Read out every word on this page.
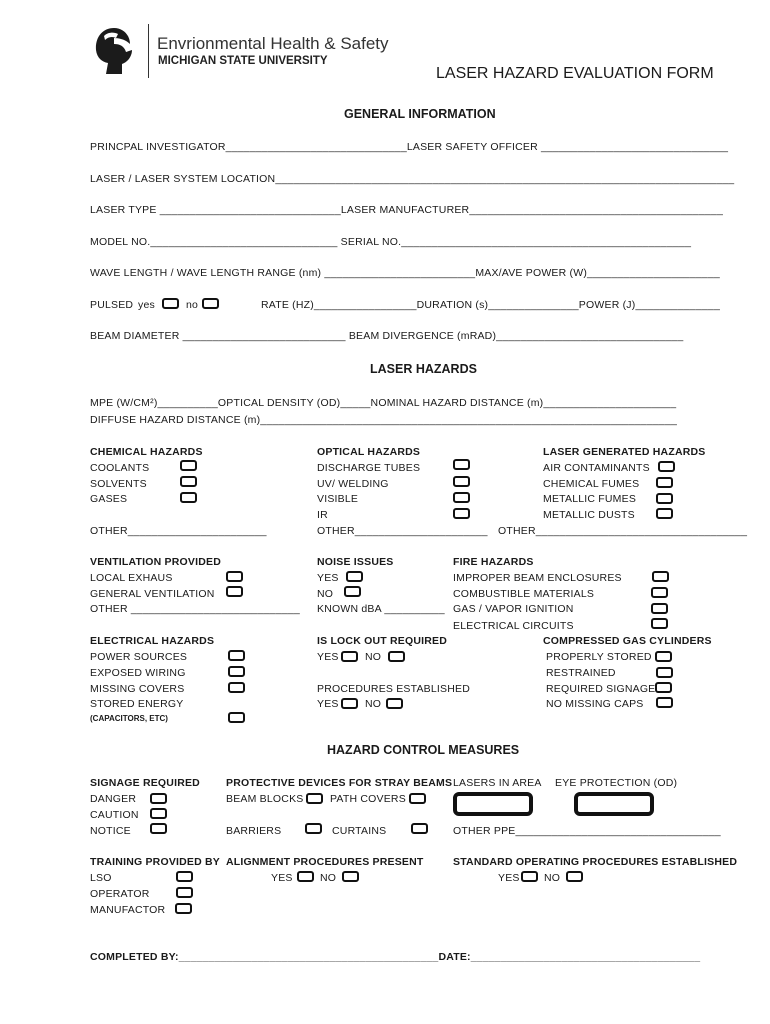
Envrionmental Health & Safety
MICHIGAN STATE UNIVERSITY
LASER HAZARD EVALUATION FORM
GENERAL INFORMATION
PRINCPAL INVESTIGATOR______________________________LASER SAFETY OFFICER _______________________________
LASER / LASER SYSTEM LOCATION____________________________________________________________________________
LASER TYPE ______________________________LASER MANUFACTURER__________________________________________
MODEL NO._______________________________ SERIAL NO.________________________________________________
WAVE LENGTH / WAVE LENGTH RANGE (nm) _________________________MAX/AVE POWER (W)______________________
PULSED yes	no	RATE (HZ)_________________DURATION (s)_______________POWER (J)______________
BEAM DIAMETER ___________________________ BEAM DIVERGENCE (mRAD)_______________________________
LASER HAZARDS
MPE (W/CM²)__________OPTICAL DENSITY (OD)_____NOMINAL HAZARD DISTANCE (m)______________________
DIFFUSE HAZARD DISTANCE (m)_____________________________________________________________________
CHEMICAL HAZARDS
COOLANTS
SOLVENTS
GASES
OTHER_______________________
OPTICAL HAZARDS
DISCHARGE TUBES
UV/ WELDING
VISIBLE
IR
OTHER______________________
LASER GENERATED HAZARDS
AIR CONTAMINANTS
CHEMICAL FUMES
METALLIC FUMES
METALLIC DUSTS
OTHER___________________________________
VENTILATION PROVIDED
LOCAL EXHAUS
GENERAL VENTILATION
OTHER ____________________________
NOISE ISSUES
YES
NO
KNOWN dBA __________
FIRE HAZARDS
IMPROPER BEAM ENCLOSURES
COMBUSTIBLE MATERIALS
GAS / VAPOR IGNITION
ELECTRICAL CIRCUITS
ELECTRICAL HAZARDS
POWER SOURCES
EXPOSED WIRING
MISSING COVERS
STORED ENERGY
(CAPACITORS, ETC)
IS LOCK OUT REQUIRED
YES	NO
PROCEDURES ESTABLISHED
YES	NO
COMPRESSED GAS CYLINDERS
PROPERLY STORED
RESTRAINED
REQUIRED SIGNAGE
NO MISSING CAPS
HAZARD CONTROL MEASURES
SIGNAGE REQUIRED
DANGER
CAUTION
NOTICE
PROTECTIVE DEVICES FOR STRAY BEAMS
BEAM BLOCKS	PATH COVERS
BARRIERS	CURTAINS
LASERS IN AREA EYE PROTECTION (OD)
OTHER PPE__________________________________
TRAINING PROVIDED BY
LSO
OPERATOR
MANUFACTOR
ALIGNMENT PROCEDURES PRESENT
YES	NO
STANDARD OPERATING PROCEDURES ESTABLISHED
YES NO
COMPLETED BY:___________________________________________DATE:______________________________________
